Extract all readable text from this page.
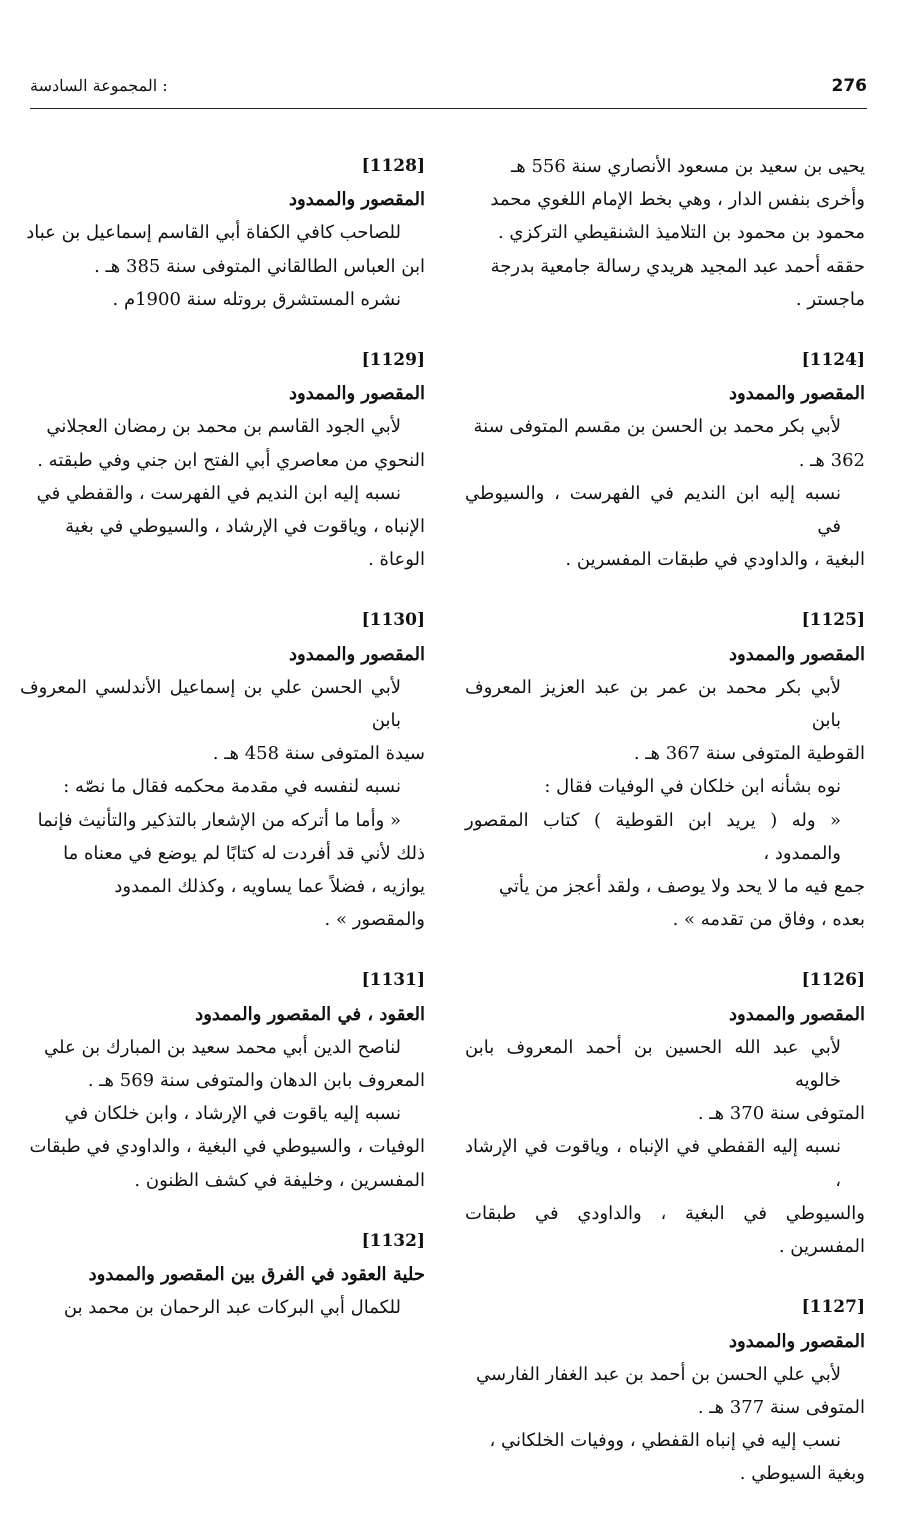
276
المجموعة السادسة :
يحيى بن سعيد بن مسعود الأنصاري سنة 556 هـ
وأخرى بنفس الدار ، وهي بخط الإمام اللغوي محمد
محمود بن محمود بن التلاميذ الشنقيطي التركزي .
حققه أحمد عبد المجيد هريدي رسالة جامعية بدرجة
ماجستر .
[1124]
المقصور والممدود
لأبي بكر محمد بن الحسن بن مقسم المتوفى سنة
362 هـ .
نسبه إليه ابن النديم في الفهرست ، والسيوطي في
البغية ، والداودي في طبقات المفسرين .
[1125]
المقصور والممدود
لأبي بكر محمد بن عمر بن عبد العزيز المعروف بابن
القوطية المتوفى سنة 367 هـ .
نوه بشأنه ابن خلكان في الوفيات فقال :
« وله ( يريد ابن القوطية ) كتاب المقصور والممدود ،
جمع فيه ما لا يحد ولا يوصف ، ولقد أعجز من يأتي
بعده ، وفاق من تقدمه » .
[1126]
المقصور والممدود
لأبي عبد الله الحسين بن أحمد المعروف بابن خالويه
المتوفى سنة 370 هـ .
نسبه إليه القفطي في الإنباه ، وياقوت في الإرشاد ،
والسيوطي في البغية ، والداودي في طبقات المفسرين .
[1127]
المقصور والممدود
لأبي علي الحسن بن أحمد بن عبد الغفار الفارسي
المتوفى سنة 377 هـ .
نسب إليه في إنباه القفطي ، ووفيات الخلكاني ،
وبغية السيوطي .
[1128]
المقصور والممدود
للصاحب كافي الكفاة أبي القاسم إسماعيل بن عباد
ابن العباس الطالقاني المتوفى سنة 385 هـ .
نشره المستشرق بروتله سنة 1900م .
[1129]
المقصور والممدود
لأبي الجود القاسم بن محمد بن رمضان العجلاني
النحوي من معاصري أبي الفتح ابن جني وفي طبقته .
نسبه إليه ابن النديم في الفهرست ، والقفطي في
الإنباه ، وياقوت في الإرشاد ، والسيوطي في بغية
الوعاة .
[1130]
المقصور والممدود
لأبي الحسن علي بن إسماعيل الأندلسي المعروف بابن
سيدة المتوفى سنة 458 هـ .
نسبه لنفسه في مقدمة محكمه فقال ما نصّه :
« وأما ما أتركه من الإشعار بالتذكير والتأنيث فإنما
ذلك لأني قد أفردت له كتابًا لم يوضع في معناه ما
يوازيه ، فضلاً عما يساويه ، وكذلك الممدود
والمقصور » .
[1131]
العقود ، في المقصور والممدود
لناصح الدين أبي محمد سعيد بن المبارك بن علي
المعروف بابن الدهان والمتوفى سنة 569 هـ .
نسبه إليه ياقوت في الإرشاد ، وابن خلكان في
الوفيات ، والسيوطي في البغية ، والداودي في طبقات
المفسرين ، وخليفة في كشف الظنون .
[1132]
حلية العقود في الفرق بين المقصور والممدود
للكمال أبي البركات عبد الرحمان بن محمد بن
